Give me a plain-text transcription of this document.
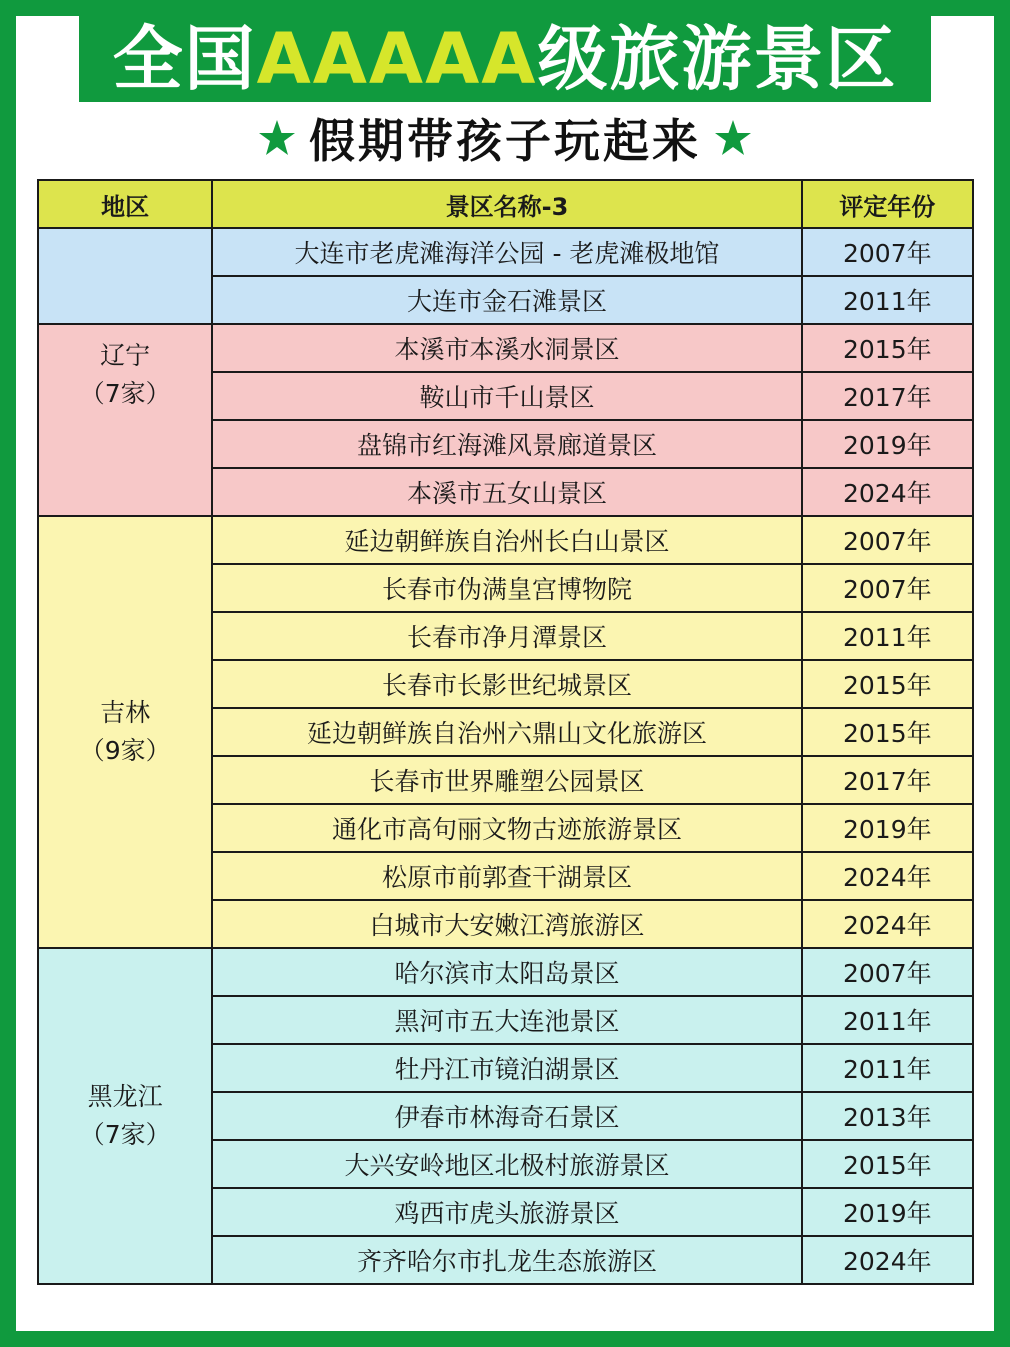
全国AAAAA级旅游景区
假期带孩子玩起来
地区	景区名称-3	评定年份
	大连市老虎滩海洋公园 - 老虎滩极地馆	2007年
	大连市金石滩景区	2011年

辽宁
（7家）	本溪市本溪水洞景区	2015年
	鞍山市千山景区	2017年
	盘锦市红海滩风景廊道景区	2019年
	本溪市五女山景区	2024年

吉林
（9家）	延边朝鲜族自治州长白山景区	2007年
	长春市伪满皇宫博物院	2007年
	长春市净月潭景区	2011年
	长春市长影世纪城景区	2015年
	延边朝鲜族自治州六鼎山文化旅游区	2015年
	长春市世界雕塑公园景区	2017年
	通化市高句丽文物古迹旅游景区	2019年
	松原市前郭查干湖景区	2024年
	白城市大安嫩江湾旅游区	2024年

黑龙江
（7家）	哈尔滨市太阳岛景区	2007年
	黑河市五大连池景区	2011年
	牡丹江市镜泊湖景区	2011年
	伊春市林海奇石景区	2013年
	大兴安岭地区北极村旅游景区	2015年
	鸡西市虎头旅游景区	2019年
	齐齐哈尔市扎龙生态旅游区	2024年
